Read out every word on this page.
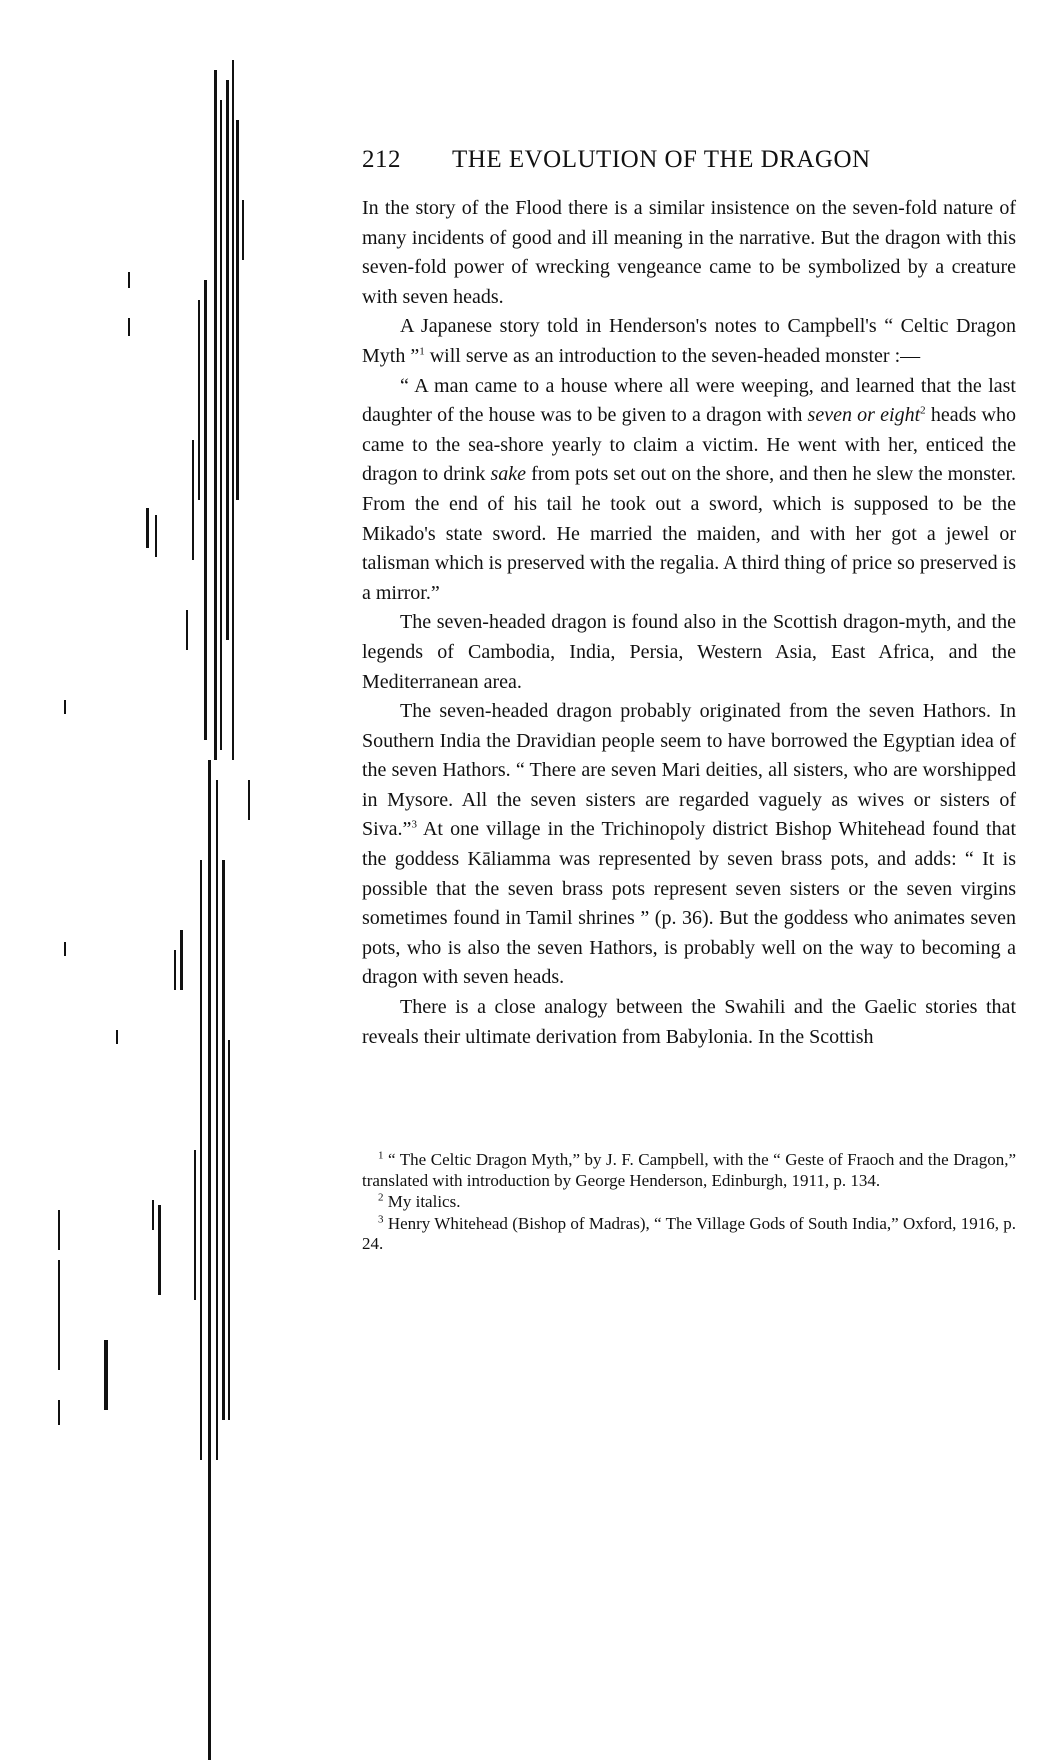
212 THE EVOLUTION OF THE DRAGON

In the story of the Flood there is a similar insistence on the seven-fold nature of many incidents of good and ill meaning in the narrative. But the dragon with this seven-fold power of wrecking vengeance came to be symbolized by a creature with seven heads.

A Japanese story told in Henderson's notes to Campbell's “ Celtic Dragon Myth ”$^1$ will serve as an introduction to the seven-headed monster :—

“ A man came to a house where all were weeping, and learned that the last daughter of the house was to be given to a dragon with seven or eight$^2$ heads who came to the sea-shore yearly to claim a victim. He went with her, enticed the dragon to drink sake from pots set out on the shore, and then he slew the monster. From the end of his tail he took out a sword, which is supposed to be the Mikado's state sword. He married the maiden, and with her got a jewel or talisman which is preserved with the regalia. A third thing of price so preserved is a mirror.”

The seven-headed dragon is found also in the Scottish dragon-myth, and the legends of Cambodia, India, Persia, Western Asia, East Africa, and the Mediterranean area.

The seven-headed dragon probably originated from the seven Hathors. In Southern India the Dravidian people seem to have borrowed the Egyptian idea of the seven Hathors. “ There are seven Mari deities, all sisters, who are worshipped in Mysore. All the seven sisters are regarded vaguely as wives or sisters of Siva.”$^3$ At one village in the Trichinopoly district Bishop Whitehead found that the goddess Kāliamma was represented by seven brass pots, and adds: “ It is possible that the seven brass pots represent seven sisters or the seven virgins sometimes found in Tamil shrines ” (p. 36). But the goddess who animates seven pots, who is also the seven Hathors, is probably well on the way to becoming a dragon with seven heads.

There is a close analogy between the Swahili and the Gaelic stories that reveals their ultimate derivation from Babylonia. In the Scottish

$^1$ “ The Celtic Dragon Myth,” by J. F. Campbell, with the “ Geste of Fraoch and the Dragon,” translated with introduction by George Henderson, Edinburgh, 1911, p. 134.

$^2$ My italics.

$^3$ Henry Whitehead (Bishop of Madras), “ The Village Gods of South India,” Oxford, 1916, p. 24.
